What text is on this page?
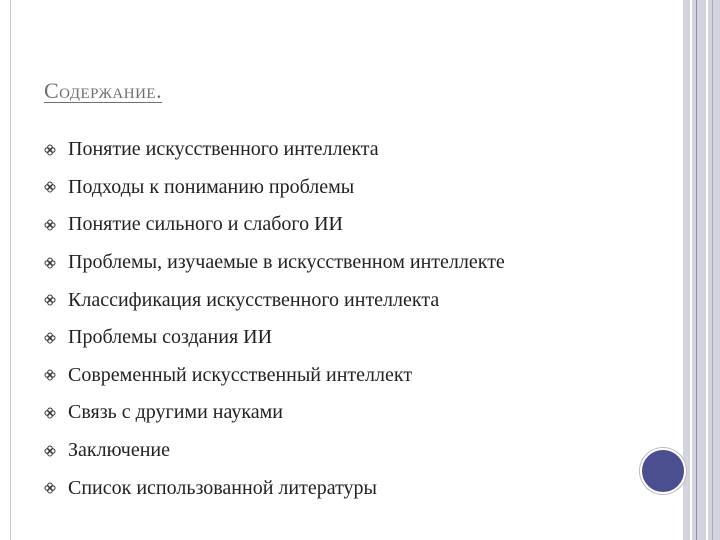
Содержание.
Понятие искусственного интеллекта
Подходы к пониманию проблемы
Понятие сильного и слабого ИИ
Проблемы, изучаемые в искусственном интеллекте
Классификация искусственного интеллекта
Проблемы создания ИИ
Современный искусственный интеллект
Связь с другими науками
Заключение
Список использованной литературы
